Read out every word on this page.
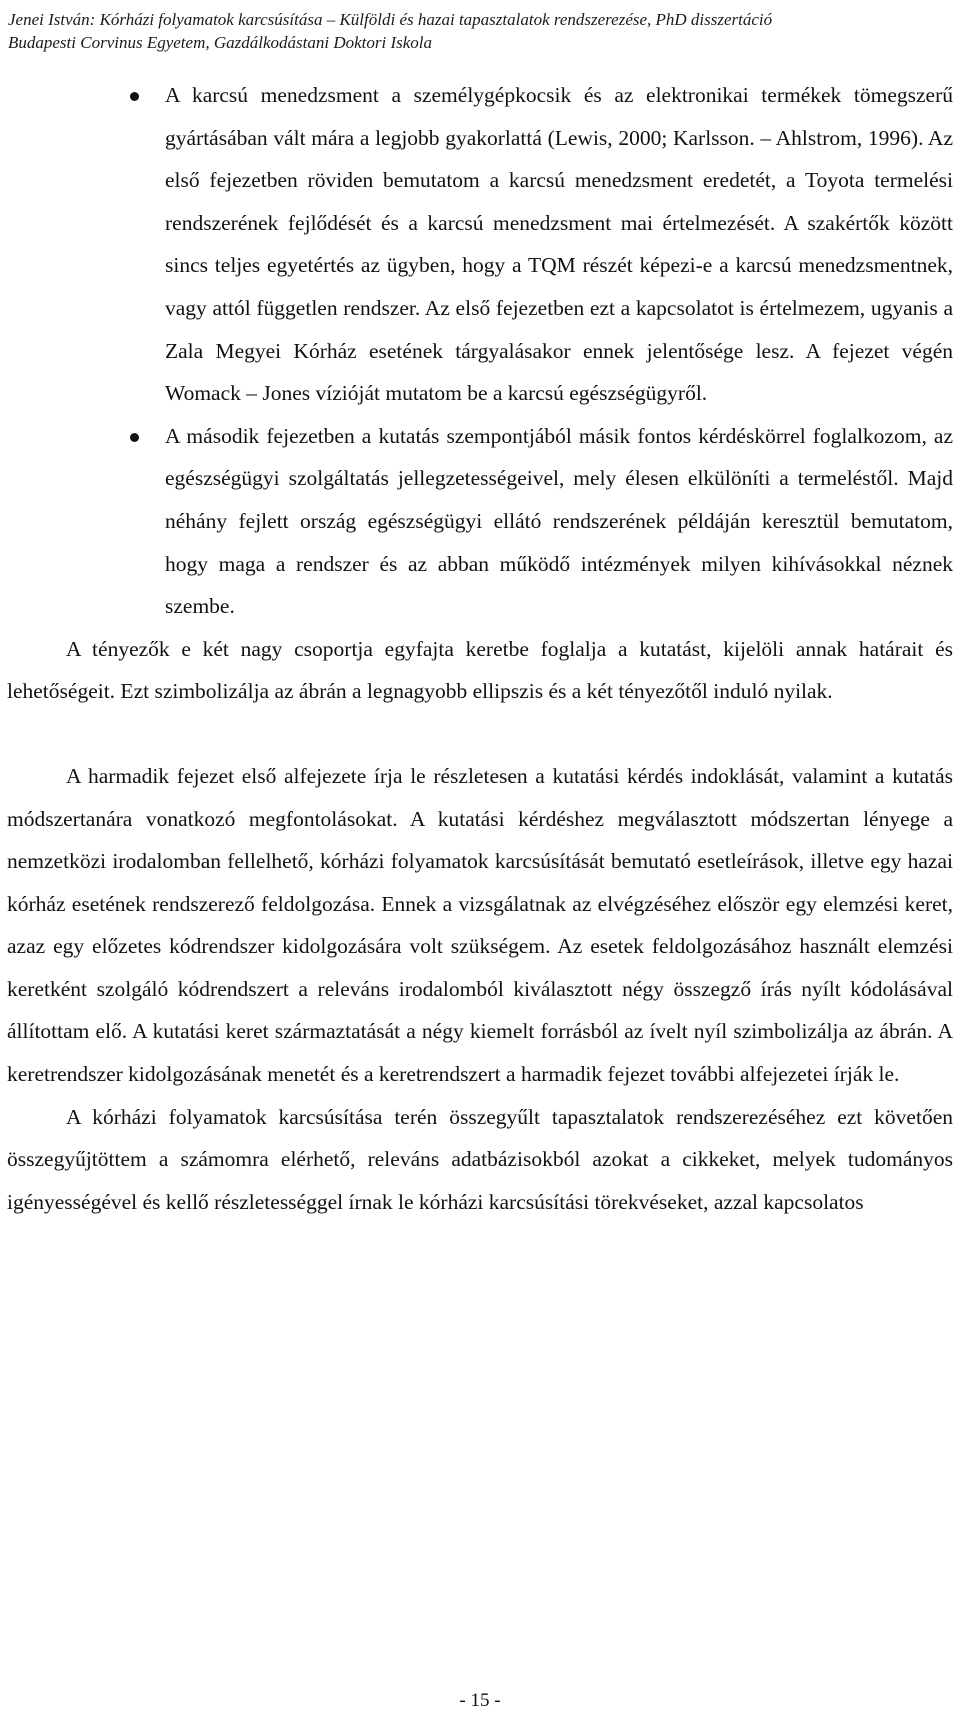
Jenei István: Kórházi folyamatok karcsúsítása – Külföldi és hazai tapasztalatok rendszerezése, PhD disszertáció
Budapesti Corvinus Egyetem, Gazdálkodástani Doktori Iskola
A karcsú menedzsment a személygépkocsik és az elektronikai termékek tömegszerű gyártásában vált mára a legjobb gyakorlattá (Lewis, 2000; Karlsson. – Ahlstrom, 1996). Az első fejezetben röviden bemutatom a karcsú menedzsment eredetét, a Toyota termelési rendszerének fejlődését és a karcsú menedzsment mai értelmezését. A szakértők között sincs teljes egyetértés az ügyben, hogy a TQM részét képezi-e a karcsú menedzsmentnek, vagy attól független rendszer. Az első fejezetben ezt a kapcsolatot is értelmezem, ugyanis a Zala Megyei Kórház esetének tárgyalásakor ennek jelentősége lesz. A fejezet végén Womack – Jones vízióját mutatom be a karcsú egészségügyről.
A második fejezetben a kutatás szempontjából másik fontos kérdéskörrel foglalkozom, az egészségügyi szolgáltatás jellegzetességeivel, mely élesen elkülöníti a termeléstől. Majd néhány fejlett ország egészségügyi ellátó rendszerének példáján keresztül bemutatom, hogy maga a rendszer és az abban működő intézmények milyen kihívásokkal néznek szembe.

A tényezők e két nagy csoportja egyfajta keretbe foglalja a kutatást, kijelöli annak határait és lehetőségeit. Ezt szimbolizálja az ábrán a legnagyobb ellipszis és a két tényezőtől induló nyilak.

A harmadik fejezet első alfejezete írja le részletesen a kutatási kérdés indoklását, valamint a kutatás módszertanára vonatkozó megfontolásokat. A kutatási kérdéshez megválasztott módszertan lényege a nemzetközi irodalomban fellelhető, kórházi folyamatok karcsúsítását bemutató esetleírások, illetve egy hazai kórház esetének rendszerező feldolgozása. Ennek a vizsgálatnak az elvégzéséhez először egy elemzési keret, azaz egy előzetes kódrendszer kidolgozására volt szükségem. Az esetek feldolgozásához használt elemzési keretként szolgáló kódrendszert a releváns irodalomból kiválasztott négy összegző írás nyílt kódolásával állítottam elő. A kutatási keret származtatását a négy kiemelt forrásból az ívelt nyíl szimbolizálja az ábrán. A keretrendszer kidolgozásának menetét és a keretrendszert a harmadik fejezet további alfejezetei írják le.

A kórházi folyamatok karcsúsítása terén összegyűlt tapasztalatok rendszerezéséhez ezt követően összegyűjtöttem a számomra elérhető, releváns adatbázisokból azokat a cikkeket, melyek tudományos igényességével és kellő részletességgel írnak le kórházi karcsúsítási törekvéseket, azzal kapcsolatos

- 15 -
